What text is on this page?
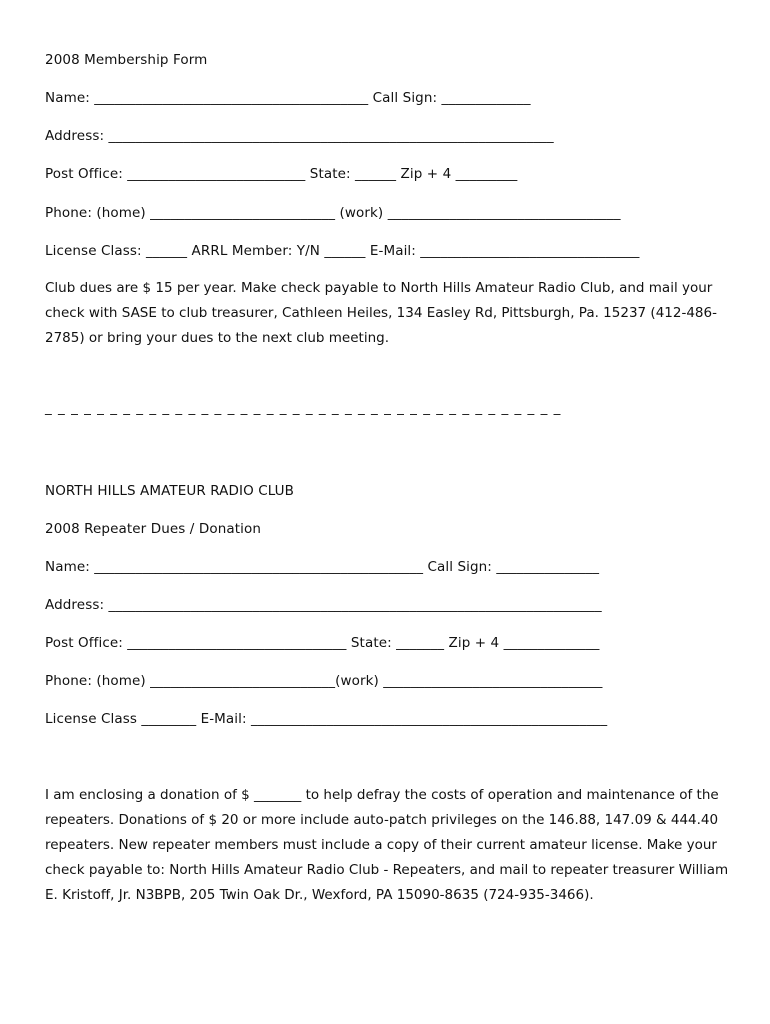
2008 Membership Form
Name: ________________________________________ Call Sign: _____________
Address: _________________________________________________________________
Post Office: __________________________ State: ______ Zip + 4 _________
Phone: (home) ___________________________ (work) __________________________________
License Class: ______ ARRL Member: Y/N ______ E-Mail: ________________________________

Club dues are $ 15 per year. Make check payable to North Hills Amateur Radio Club, and mail your

check with SASE to club treasurer, Cathleen Heiles, 134 Easley Rd, Pittsburgh, Pa. 15237 (412-486-

2785) or bring your dues to the next club meeting.

_ _ _ _ _ _ _ _ _ _ _ _ _ _ _ _ _ _ _ _ _ _ _ _ _ _ _ _ _ _ _ _ _ _ _ _ _ _ _ _
NORTH HILLS AMATEUR RADIO CLUB
2008 Repeater Dues / Donation
Name: ________________________________________________ Call Sign: _______________
Address: ________________________________________________________________________
Post Office: ________________________________ State: _______ Zip + 4 ______________
Phone: (home) ___________________________(work) ________________________________
License Class ________ E-Mail: ____________________________________________________

I am enclosing a donation of $ _______ to help defray the costs of operation and maintenance of the

repeaters. Donations of $ 20 or more include auto-patch privileges on the 146.88, 147.09 & 444.40

repeaters. New repeater members must include a copy of their current amateur license. Make your

check payable to: North Hills Amateur Radio Club - Repeaters, and mail to repeater treasurer William

E. Kristoff, Jr. N3BPB, 205 Twin Oak Dr., Wexford, PA 15090-8635 (724-935-3466).
